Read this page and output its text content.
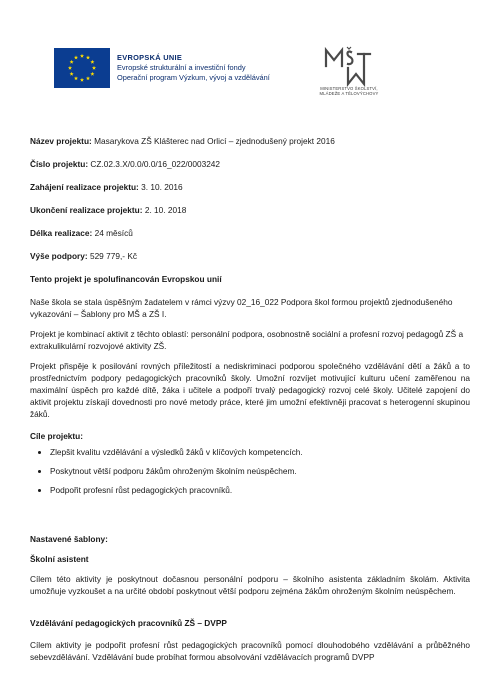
EVROPSKÁ UNIE
Evropské strukturální a investiční fondy
Operační program Výzkum, vývoj a vzdělávání
MINISTERSTVO ŠKOLSTVÍ,
MLÁDEŽE A TĚLOVÝCHOVY
Název projektu: Masarykova ZŠ Klášterec nad Orlicí – zjednodušený projekt 2016
Číslo projektu: CZ.02.3.X/0.0/0.0/16_022/0003242
Zahájení realizace projektu: 3. 10. 2016
Ukončení realizace projektu: 2. 10. 2018
Délka realizace: 24 měsíců
Výše podpory: 529 779,- Kč
Tento projekt je spolufinancován Evropskou unií

Naše škola se stala úspěšným žadatelem v rámci výzvy 02_16_022 Podpora škol formou projektů zjednodušeného vykazování – Šablony pro MŠ a ZŠ I.

Projekt je kombinací aktivit z těchto oblastí: personální podpora, osobnostně sociální a profesní rozvoj pedagogů ZŠ a extrakulikulární rozvojové aktivity ZŠ.

Projekt přispěje k posilování rovných příležitostí a nediskriminaci podporou společného vzdělávání dětí a žáků a to prostřednictvím podpory pedagogických pracovníků školy. Umožní rozvíjet motivující kulturu učení zaměřenou na maximální úspěch pro každé dítě, žáka i učitele a podpoří trvalý pedagogický rozvoj celé školy. Učitelé zapojení do aktivit projektu získají dovednosti pro nové metody práce, které jim umožní efektivněji pracovat s heterogenní skupinou žáků.

Cíle projektu:
• Zlepšit kvalitu vzdělávání a výsledků žáků v klíčových kompetencích.
• Poskytnout větší podporu žákům ohroženým školním neúspěchem.
• Podpořit profesní růst pedagogických pracovníků.
Nastavené šablony:
Školní asistent

Cílem této aktivity je poskytnout dočasnou personální podporu – školního asistenta základním školám. Aktivita umožňuje vyzkoušet a na určité období poskytnout větší podporu zejména žákům ohroženým školním neúspěchem.

Vzdělávání pedagogických pracovníků ZŠ – DVPP

Cílem aktivity je podpořit profesní růst pedagogických pracovníků pomocí dlouhodobého vzdělávání a průběžného sebevzdělávání. Vzdělávání bude probíhat formou absolvování vzdělávacích programů DVPP
